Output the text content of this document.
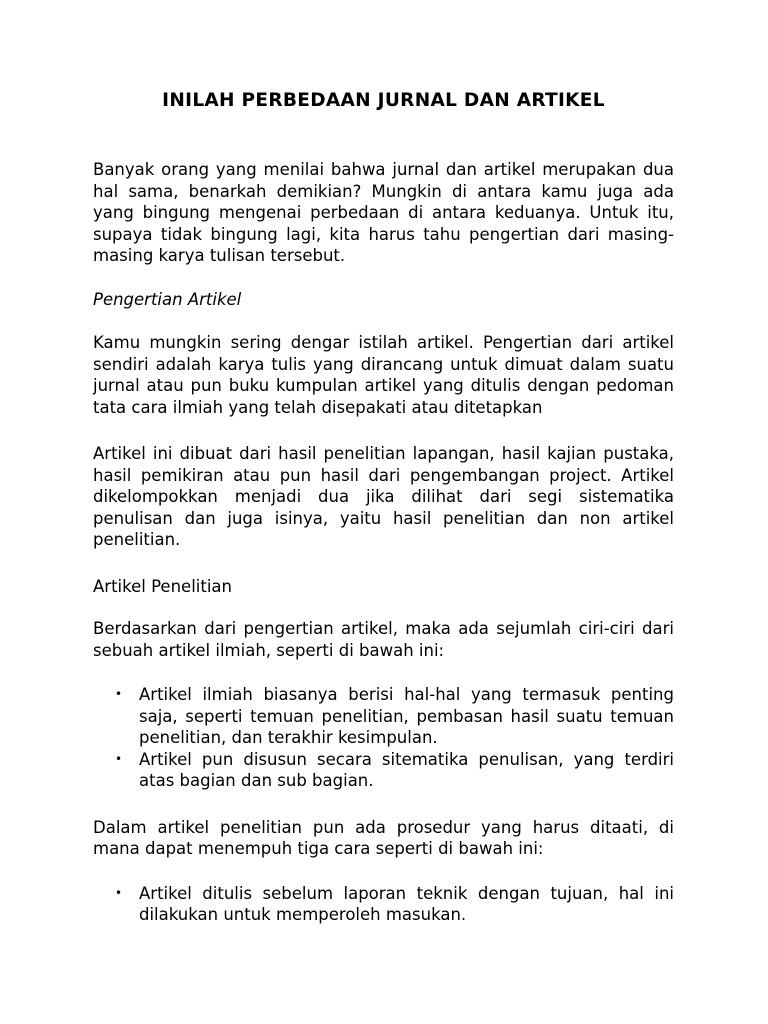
INILAH PERBEDAAN JURNAL DAN ARTIKEL

Banyak orang yang menilai bahwa jurnal dan artikel merupakan dua hal sama, benarkah demikian? Mungkin di antara kamu juga ada yang bingung mengenai perbedaan di antara keduanya. Untuk itu, supaya tidak bingung lagi, kita harus tahu pengertian dari masing-masing karya tulisan tersebut.

Pengertian Artikel

Kamu mungkin sering dengar istilah artikel. Pengertian dari artikel sendiri adalah karya tulis yang dirancang untuk dimuat dalam suatu jurnal atau pun buku kumpulan artikel yang ditulis dengan pedoman tata cara ilmiah yang telah disepakati atau ditetapkan

Artikel ini dibuat dari hasil penelitian lapangan, hasil kajian pustaka, hasil pemikiran atau pun hasil dari pengembangan project. Artikel dikelompokkan menjadi dua jika dilihat dari segi sistematika penulisan dan juga isinya, yaitu hasil penelitian dan non artikel penelitian.

Artikel Penelitian

Berdasarkan dari pengertian artikel, maka ada sejumlah ciri-ciri dari sebuah artikel ilmiah, seperti di bawah ini:

• Artikel ilmiah biasanya berisi hal-hal yang termasuk penting saja, seperti temuan penelitian, pembasan hasil suatu temuan penelitian, dan terakhir kesimpulan.
• Artikel pun disusun secara sitematika penulisan, yang terdiri atas bagian dan sub bagian.

Dalam artikel penelitian pun ada prosedur yang harus ditaati, di mana dapat menempuh tiga cara seperti di bawah ini:

• Artikel ditulis sebelum laporan teknik dengan tujuan, hal ini dilakukan untuk memperoleh masukan.
